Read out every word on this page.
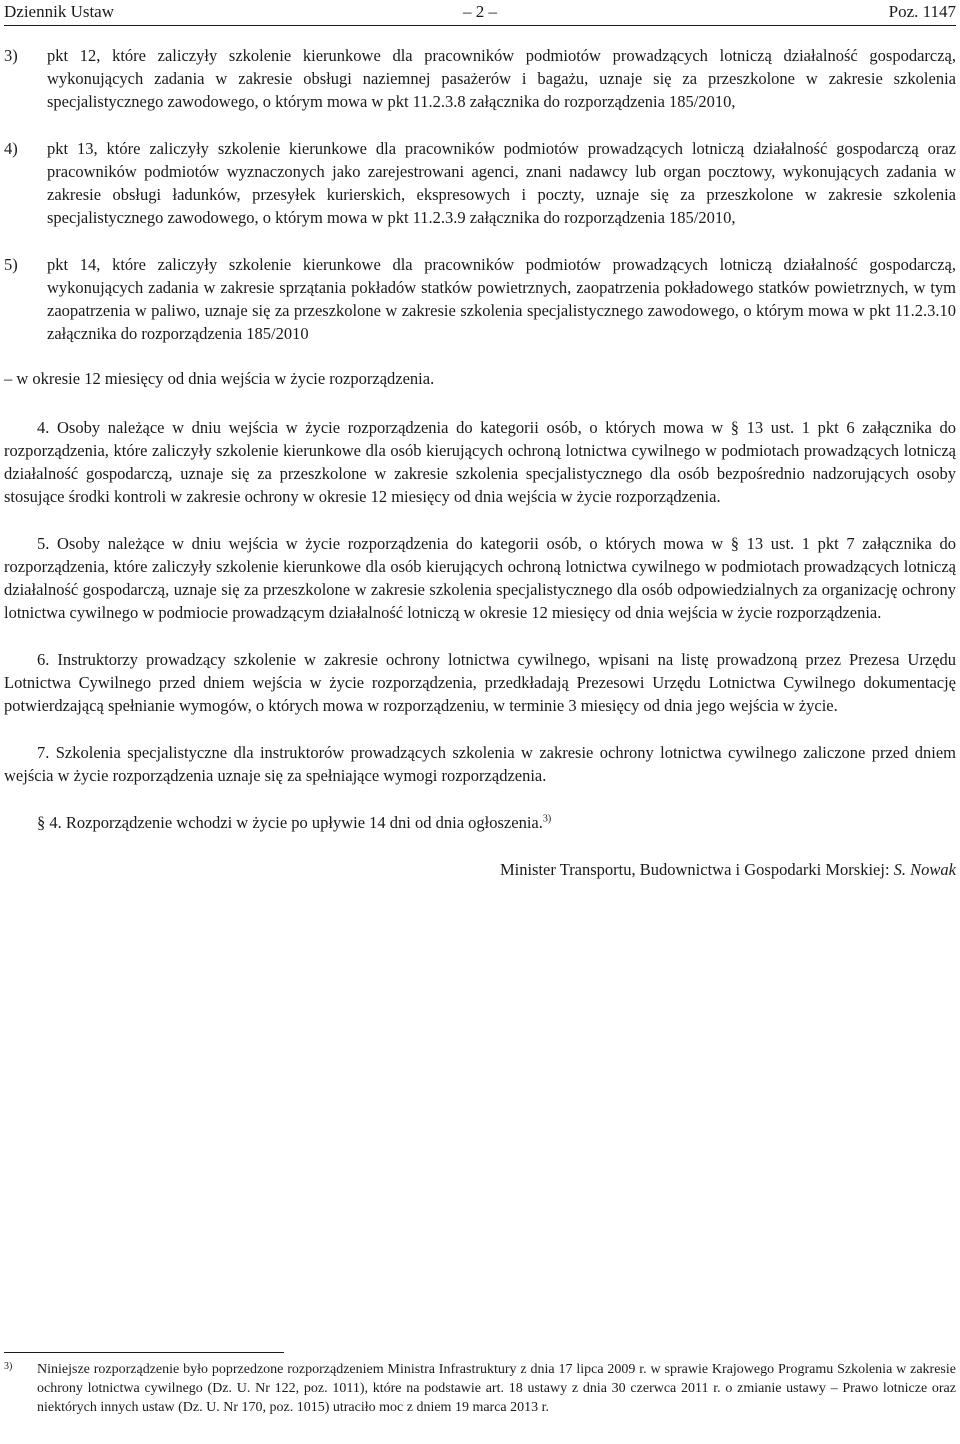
Dziennik Ustaw	– 2 –	Poz. 1147
3)	pkt 12, które zaliczyły szkolenie kierunkowe dla pracowników podmiotów prowadzących lotniczą działalność gospodarczą, wykonujących zadania w zakresie obsługi naziemnej pasażerów i bagażu, uznaje się za przeszkolone w zakresie szkolenia specjalistycznego zawodowego, o którym mowa w pkt 11.2.3.8 załącznika do rozporządzenia 185/2010,
4)	pkt 13, które zaliczyły szkolenie kierunkowe dla pracowników podmiotów prowadzących lotniczą działalność gospodarczą oraz pracowników podmiotów wyznaczonych jako zarejestrowani agenci, znani nadawcy lub organ pocztowy, wykonujących zadania w zakresie obsługi ładunków, przesyłek kurierskich, ekspresowych i poczty, uznaje się za przeszkolone w zakresie szkolenia specjalistycznego zawodowego, o którym mowa w pkt 11.2.3.9 załącznika do rozporządzenia 185/2010,
5)	pkt 14, które zaliczyły szkolenie kierunkowe dla pracowników podmiotów prowadzących lotniczą działalność gospodarczą, wykonujących zadania w zakresie sprzątania pokładów statków powietrznych, zaopatrzenia pokładowego statków powietrznych, w tym zaopatrzenia w paliwo, uznaje się za przeszkolone w zakresie szkolenia specjalistycznego zawodowego, o którym mowa w pkt 11.2.3.10 załącznika do rozporządzenia 185/2010

– w okresie 12 miesięcy od dnia wejścia w życie rozporządzenia.

4. Osoby należące w dniu wejścia w życie rozporządzenia do kategorii osób, o których mowa w § 13 ust. 1 pkt 6 załącznika do rozporządzenia, które zaliczyły szkolenie kierunkowe dla osób kierujących ochroną lotnictwa cywilnego w podmiotach prowadzących lotniczą działalność gospodarczą, uznaje się za przeszkolone w zakresie szkolenia specjalistycznego dla osób bezpośrednio nadzorujących osoby stosujące środki kontroli w zakresie ochrony w okresie 12 miesięcy od dnia wejścia w życie rozporządzenia.

5. Osoby należące w dniu wejścia w życie rozporządzenia do kategorii osób, o których mowa w § 13 ust. 1 pkt 7 załącznika do rozporządzenia, które zaliczyły szkolenie kierunkowe dla osób kierujących ochroną lotnictwa cywilnego w podmiotach prowadzących lotniczą działalność gospodarczą, uznaje się za przeszkolone w zakresie szkolenia specjalistycznego dla osób odpowiedzialnych za organizację ochrony lotnictwa cywilnego w podmiocie prowadzącym działalność lotniczą w okresie 12 miesięcy od dnia wejścia w życie rozporządzenia.

6. Instruktorzy prowadzący szkolenie w zakresie ochrony lotnictwa cywilnego, wpisani na listę prowadzoną przez Prezesa Urzędu Lotnictwa Cywilnego przed dniem wejścia w życie rozporządzenia, przedkładają Prezesowi Urzędu Lotnictwa Cywilnego dokumentację potwierdzającą spełnianie wymogów, o których mowa w rozporządzeniu, w terminie 3 miesięcy od dnia jego wejścia w życie.

7. Szkolenia specjalistyczne dla instruktorów prowadzących szkolenia w zakresie ochrony lotnictwa cywilnego zaliczone przed dniem wejścia w życie rozporządzenia uznaje się za spełniające wymogi rozporządzenia.

§ 4. Rozporządzenie wchodzi w życie po upływie 14 dni od dnia ogłoszenia.$^{3)}$

Minister Transportu, Budownictwa i Gospodarki Morskiej: S. Nowak
3)	Niniejsze rozporządzenie było poprzedzone rozporządzeniem Ministra Infrastruktury z dnia 17 lipca 2009 r. w sprawie Krajowego Programu Szkolenia w zakresie ochrony lotnictwa cywilnego (Dz. U. Nr 122, poz. 1011), które na podstawie art. 18 ustawy z dnia 30 czerwca 2011 r. o zmianie ustawy – Prawo lotnicze oraz niektórych innych ustaw (Dz. U. Nr 170, poz. 1015) utraciło moc z dniem 19 marca 2013 r.
